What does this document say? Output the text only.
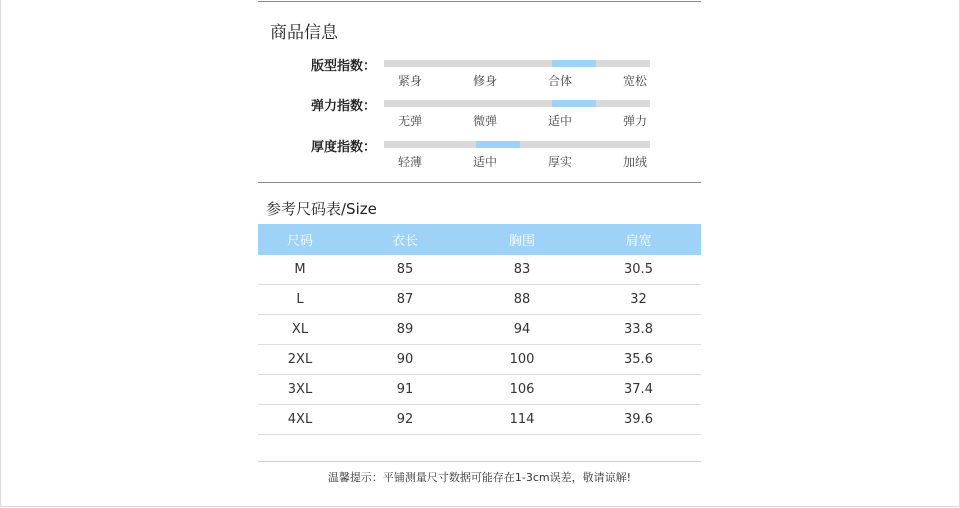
商品信息
版型指数：
紧身	修身	合体	宽松
弹力指数：
无弹	微弹	适中	弹力
厚度指数：
轻薄	适中	厚实	加绒
参考尺码表/Size
尺码	衣长	胸围	肩宽
M	85	83	30.5
L	87	88	32
XL	89	94	33.8
2XL	90	100	35.6
3XL	91	106	37.4
4XL	92	114	39.6
温馨提示：平铺测量尺寸数据可能存在1-3cm误差，敬请谅解!
